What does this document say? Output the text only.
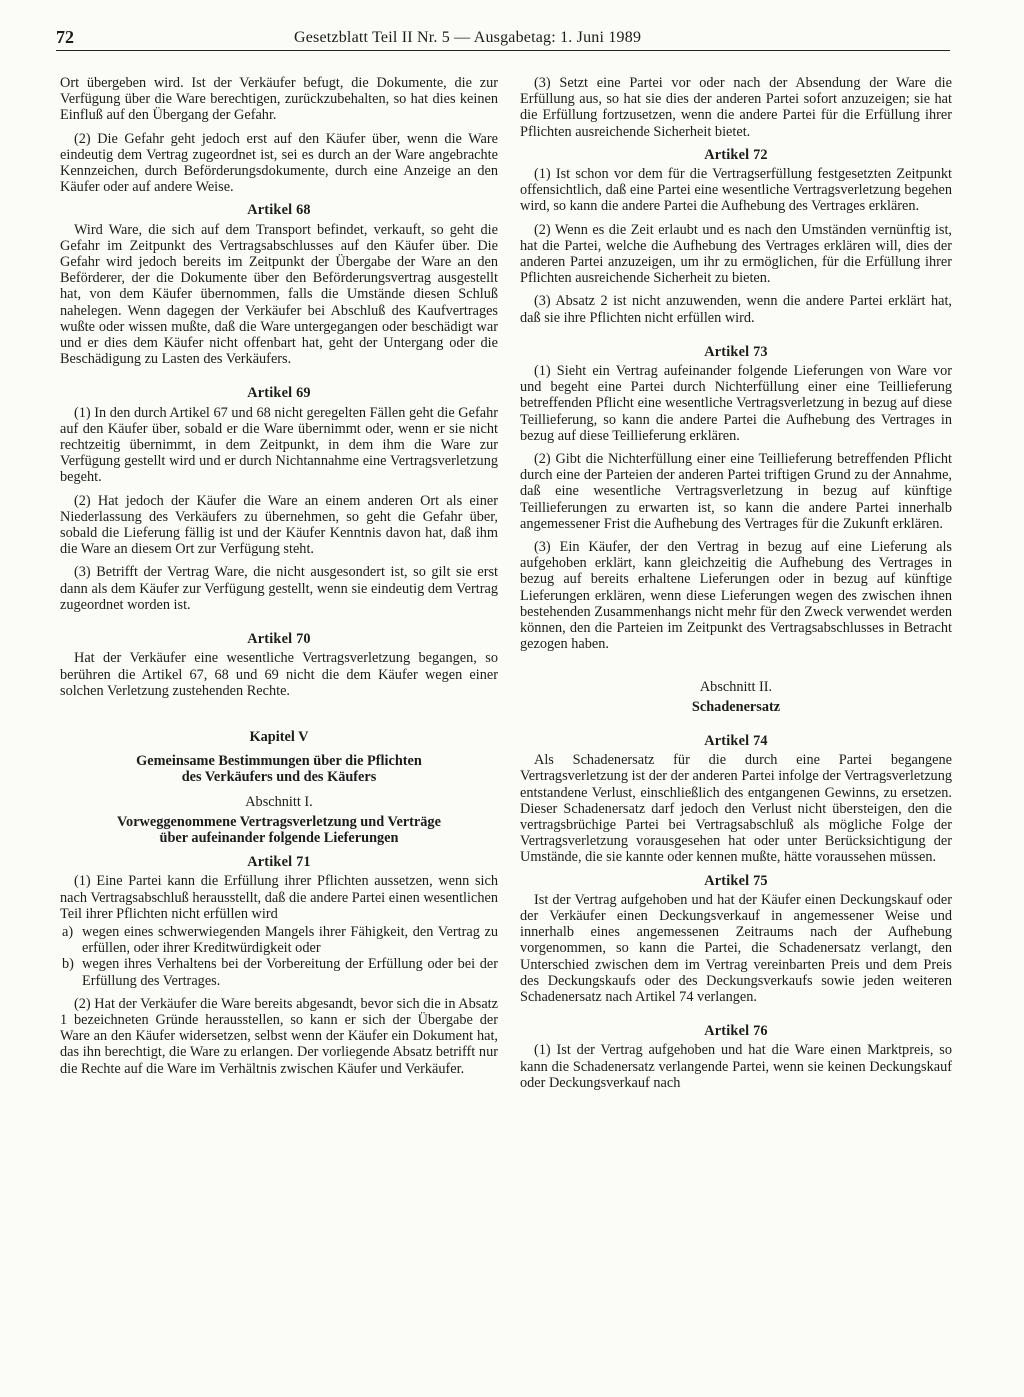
72	Gesetzblatt Teil II Nr. 5 — Ausgabetag: 1. Juni 1989

Ort übergeben wird. Ist der Verkäufer befugt, die Dokumente, die zur Verfügung über die Ware berechtigen, zurückzubehalten, so hat dies keinen Einfluß auf den Übergang der Gefahr.

(2) Die Gefahr geht jedoch erst auf den Käufer über, wenn die Ware eindeutig dem Vertrag zugeordnet ist, sei es durch an der Ware angebrachte Kennzeichen, durch Beförderungsdokumente, durch eine Anzeige an den Käufer oder auf andere Weise.

Artikel 68

Wird Ware, die sich auf dem Transport befindet, verkauft, so geht die Gefahr im Zeitpunkt des Vertragsabschlusses auf den Käufer über. Die Gefahr wird jedoch bereits im Zeitpunkt der Übergabe der Ware an den Beförderer, der die Dokumente über den Beförderungsvertrag ausgestellt hat, von dem Käufer übernommen, falls die Umstände diesen Schluß nahelegen. Wenn dagegen der Verkäufer bei Abschluß des Kaufvertrages wußte oder wissen mußte, daß die Ware untergegangen oder beschädigt war und er dies dem Käufer nicht offenbart hat, geht der Untergang oder die Beschädigung zu Lasten des Verkäufers.

Artikel 69

(1) In den durch Artikel 67 und 68 nicht geregelten Fällen geht die Gefahr auf den Käufer über, sobald er die Ware übernimmt oder, wenn er sie nicht rechtzeitig übernimmt, in dem Zeitpunkt, in dem ihm die Ware zur Verfügung gestellt wird und er durch Nichtannahme eine Vertragsverletzung begeht.

(2) Hat jedoch der Käufer die Ware an einem anderen Ort als einer Niederlassung des Verkäufers zu übernehmen, so geht die Gefahr über, sobald die Lieferung fällig ist und der Käufer Kenntnis davon hat, daß ihm die Ware an diesem Ort zur Verfügung steht.

(3) Betrifft der Vertrag Ware, die nicht ausgesondert ist, so gilt sie erst dann als dem Käufer zur Verfügung gestellt, wenn sie eindeutig dem Vertrag zugeordnet worden ist.

Artikel 70

Hat der Verkäufer eine wesentliche Vertragsverletzung begangen, so berühren die Artikel 67, 68 und 69 nicht die dem Käufer wegen einer solchen Verletzung zustehenden Rechte.

Kapitel V
Gemeinsame Bestimmungen über die Pflichten
des Verkäufers und des Käufers
Abschnitt I.
Vorweggenommene Vertragsverletzung und Verträge
über aufeinander folgende Lieferungen
Artikel 71

(1) Eine Partei kann die Erfüllung ihrer Pflichten aussetzen, wenn sich nach Vertragsabschluß herausstellt, daß die andere Partei einen wesentlichen Teil ihrer Pflichten nicht erfüllen wird

a) wegen eines schwerwiegenden Mangels ihrer Fähigkeit, den Vertrag zu erfüllen, oder ihrer Kreditwürdigkeit oder
b) wegen ihres Verhaltens bei der Vorbereitung der Erfüllung oder bei der Erfüllung des Vertrages.

(2) Hat der Verkäufer die Ware bereits abgesandt, bevor sich die in Absatz 1 bezeichneten Gründe herausstellen, so kann er sich der Übergabe der Ware an den Käufer widersetzen, selbst wenn der Käufer ein Dokument hat, das ihn berechtigt, die Ware zu erlangen. Der vorliegende Absatz betrifft nur die Rechte auf die Ware im Verhältnis zwischen Käufer und Verkäufer.

(3) Setzt eine Partei vor oder nach der Absendung der Ware die Erfüllung aus, so hat sie dies der anderen Partei sofort anzuzeigen; sie hat die Erfüllung fortzusetzen, wenn die andere Partei für die Erfüllung ihrer Pflichten ausreichende Sicherheit bietet.

Artikel 72

(1) Ist schon vor dem für die Vertragserfüllung festgesetzten Zeitpunkt offensichtlich, daß eine Partei eine wesentliche Vertragsverletzung begehen wird, so kann die andere Partei die Aufhebung des Vertrages erklären.

(2) Wenn es die Zeit erlaubt und es nach den Umständen vernünftig ist, hat die Partei, welche die Aufhebung des Vertrages erklären will, dies der anderen Partei anzuzeigen, um ihr zu ermöglichen, für die Erfüllung ihrer Pflichten ausreichende Sicherheit zu bieten.

(3) Absatz 2 ist nicht anzuwenden, wenn die andere Partei erklärt hat, daß sie ihre Pflichten nicht erfüllen wird.

Artikel 73

(1) Sieht ein Vertrag aufeinander folgende Lieferungen von Ware vor und begeht eine Partei durch Nichterfüllung einer eine Teillieferung betreffenden Pflicht eine wesentliche Vertragsverletzung in bezug auf diese Teillieferung, so kann die andere Partei die Aufhebung des Vertrages in bezug auf diese Teillieferung erklären.

(2) Gibt die Nichterfüllung einer eine Teillieferung betreffenden Pflicht durch eine der Parteien der anderen Partei triftigen Grund zu der Annahme, daß eine wesentliche Vertragsverletzung in bezug auf künftige Teillieferungen zu erwarten ist, so kann die andere Partei innerhalb angemessener Frist die Aufhebung des Vertrages für die Zukunft erklären.

(3) Ein Käufer, der den Vertrag in bezug auf eine Lieferung als aufgehoben erklärt, kann gleichzeitig die Aufhebung des Vertrages in bezug auf bereits erhaltene Lieferungen oder in bezug auf künftige Lieferungen erklären, wenn diese Lieferungen wegen des zwischen ihnen bestehenden Zusammenhangs nicht mehr für den Zweck verwendet werden können, den die Parteien im Zeitpunkt des Vertragsabschlusses in Betracht gezogen haben.

Abschnitt II.
Schadenersatz
Artikel 74

Als Schadenersatz für die durch eine Partei begangene Vertragsverletzung ist der der anderen Partei infolge der Vertragsverletzung entstandene Verlust, einschließlich des entgangenen Gewinns, zu ersetzen. Dieser Schadenersatz darf jedoch den Verlust nicht übersteigen, den die vertragsbrüchige Partei bei Vertragsabschluß als mögliche Folge der Vertragsverletzung vorausgesehen hat oder unter Berücksichtigung der Umstände, die sie kannte oder kennen mußte, hätte voraussehen müssen.

Artikel 75

Ist der Vertrag aufgehoben und hat der Käufer einen Deckungskauf oder der Verkäufer einen Deckungsverkauf in angemessener Weise und innerhalb eines angemessenen Zeitraums nach der Aufhebung vorgenommen, so kann die Partei, die Schadenersatz verlangt, den Unterschied zwischen dem im Vertrag vereinbarten Preis und dem Preis des Deckungskaufs oder des Deckungsverkaufs sowie jeden weiteren Schadenersatz nach Artikel 74 verlangen.

Artikel 76

(1) Ist der Vertrag aufgehoben und hat die Ware einen Marktpreis, so kann die Schadenersatz verlangende Partei, wenn sie keinen Deckungskauf oder Deckungsverkauf nach
